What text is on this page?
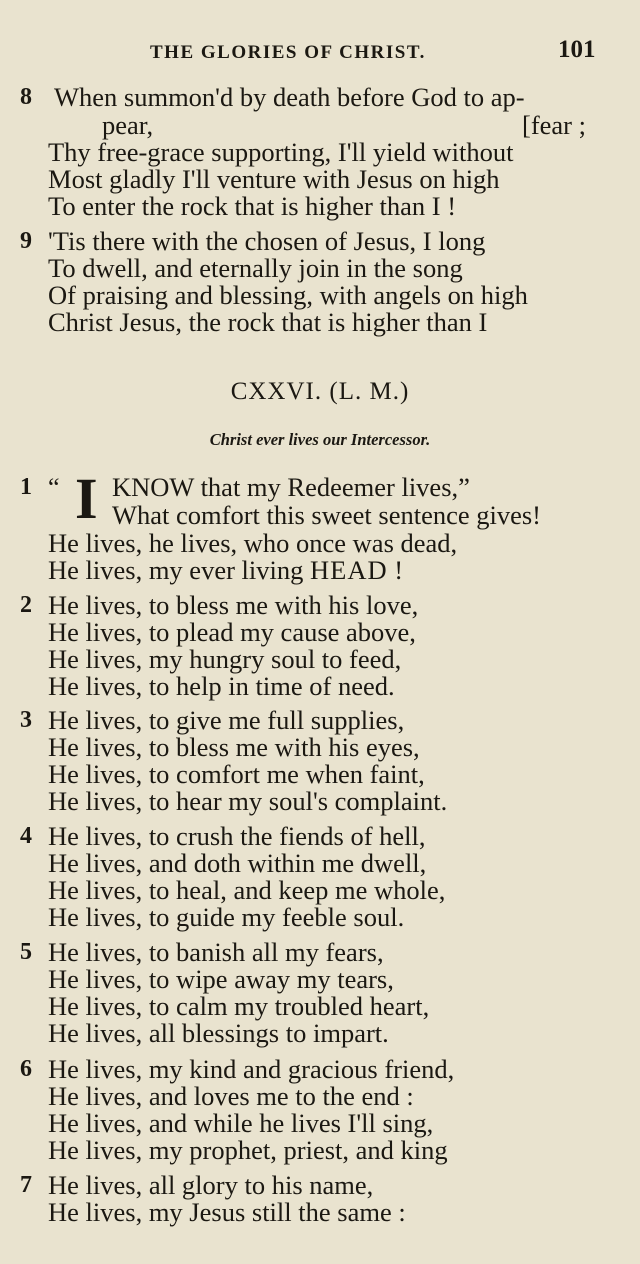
THE GLORIES OF CHRIST.	101
8 When summon'd by death before God to ap-
pear,	[fear ;
Thy free-grace supporting, I'll yield without
Most gladly I'll venture with Jesus on high
To enter the rock that is higher than I !
9 'Tis there with the chosen of Jesus, I long
To dwell, and eternally join in the song
Of praising and blessing, with angels on high
Christ Jesus, the rock that is higher than I
CXXVI. (L. M.)
Christ ever lives our Intercessor.
1 “ I KNOW that my Redeemer lives,”
What comfort this sweet sentence gives!
He lives, he lives, who once was dead,
He lives, my ever living HEAD !
2 He lives, to bless me with his love,
He lives, to plead my cause above,
He lives, my hungry soul to feed,
He lives, to help in time of need.
3 He lives, to give me full supplies,
He lives, to bless me with his eyes,
He lives, to comfort me when faint,
He lives, to hear my soul's complaint.
4 He lives, to crush the fiends of hell,
He lives, and doth within me dwell,
He lives, to heal, and keep me whole,
He lives, to guide my feeble soul.
5 He lives, to banish all my fears,
He lives, to wipe away my tears,
He lives, to calm my troubled heart,
He lives, all blessings to impart.
6 He lives, my kind and gracious friend,
He lives, and loves me to the end :
He lives, and while he lives I'll sing,
He lives, my prophet, priest, and king
7 He lives, all glory to his name,
He lives, my Jesus still the same :
